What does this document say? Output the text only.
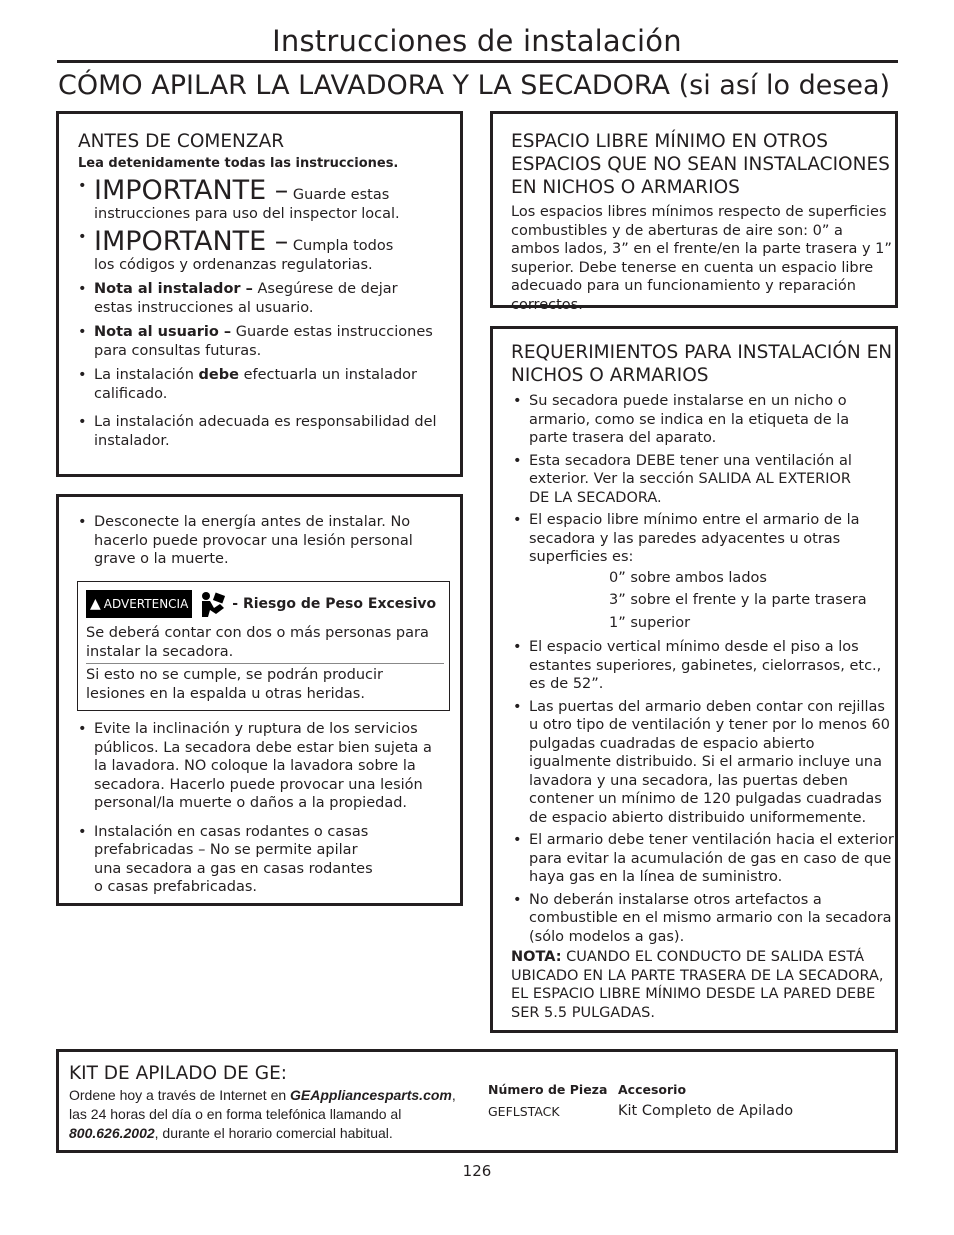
Instrucciones de instalación
CÓMO APILAR LA LAVADORA Y LA SECADORA (si así lo desea)
ANTES DE COMENZAR
Lea detenidamente todas las instrucciones.
• IMPORTANTE – Guarde estas
instrucciones para uso del inspector local.
• IMPORTANTE – Cumpla todos
los códigos y ordenanzas regulatorias.
• Nota al instalador – Asegúrese de dejar estas instrucciones al usuario.
• Nota al usuario – Guarde estas instrucciones para consultas futuras.
• La instalación debe efectuarla un instalador calificado.
• La instalación adecuada es responsabilidad del instalador.
• Desconecte la energía antes de instalar. No hacerlo puede provocar una lesión personal grave o la muerte.
▲ ADVERTENCIA	- Riesgo de Peso Excesivo
Se deberá contar con dos o más personas para instalar la secadora.
Si esto no se cumple, se podrán producir lesiones en la espalda u otras heridas.
• Evite la inclinación y ruptura de los servicios públicos. La secadora debe estar bien sujeta a la lavadora. NO coloque la lavadora sobre la secadora. Hacerlo puede provocar una lesión personal/la muerte o daños a la propiedad.
• Instalación en casas rodantes o casas prefabricadas – No se permite apilar una secadora a gas en casas rodantes o casas prefabricadas.
ESPACIO LIBRE MÍNIMO EN OTROS ESPACIOS QUE NO SEAN INSTALACIONES EN NICHOS O ARMARIOS
Los espacios libres mínimos respecto de superficies combustibles y de aberturas de aire son: 0” a ambos lados, 3” en el frente/en la parte trasera y 1” superior. Debe tenerse en cuenta un espacio libre adecuado para un funcionamiento y reparación correctos.
REQUERIMIENTOS PARA INSTALACIÓN EN NICHOS O ARMARIOS
• Su secadora puede instalarse en un nicho o armario, como se indica en la etiqueta de la parte trasera del aparato.
• Esta secadora DEBE tener una ventilación al exterior. Ver la sección SALIDA AL EXTERIOR DE LA SECADORA.
• El espacio libre mínimo entre el armario de la secadora y las paredes adyacentes u otras superficies es:
0” sobre ambos lados
3” sobre el frente y la parte trasera
1” superior
• El espacio vertical mínimo desde el piso a los estantes superiores, gabinetes, cielorrasos, etc., es de 52”.
• Las puertas del armario deben contar con rejillas u otro tipo de ventilación y tener por lo menos 60 pulgadas cuadradas de espacio abierto igualmente distribuido. Si el armario incluye una lavadora y una secadora, las puertas deben contener un mínimo de 120 pulgadas cuadradas de espacio abierto distribuido uniformemente.
• El armario debe tener ventilación hacia el exterior para evitar la acumulación de gas en caso de que haya gas en la línea de suministro.
• No deberán instalarse otros artefactos a combustible en el mismo armario con la secadora (sólo modelos a gas).
NOTA: CUANDO EL CONDUCTO DE SALIDA ESTÁ UBICADO EN LA PARTE TRASERA DE LA SECADORA, EL ESPACIO LIBRE MÍNIMO DESDE LA PARED DEBE SER 5.5 PULGADAS.
KIT DE APILADO DE GE:
Ordene hoy a través de Internet en GEAppliancesparts.com, las 24 horas del día o en forma telefónica llamando al 800.626.2002, durante el horario comercial habitual.
Número de Pieza Accesorio
GEFLSTACK	Kit Completo de Apilado
126
